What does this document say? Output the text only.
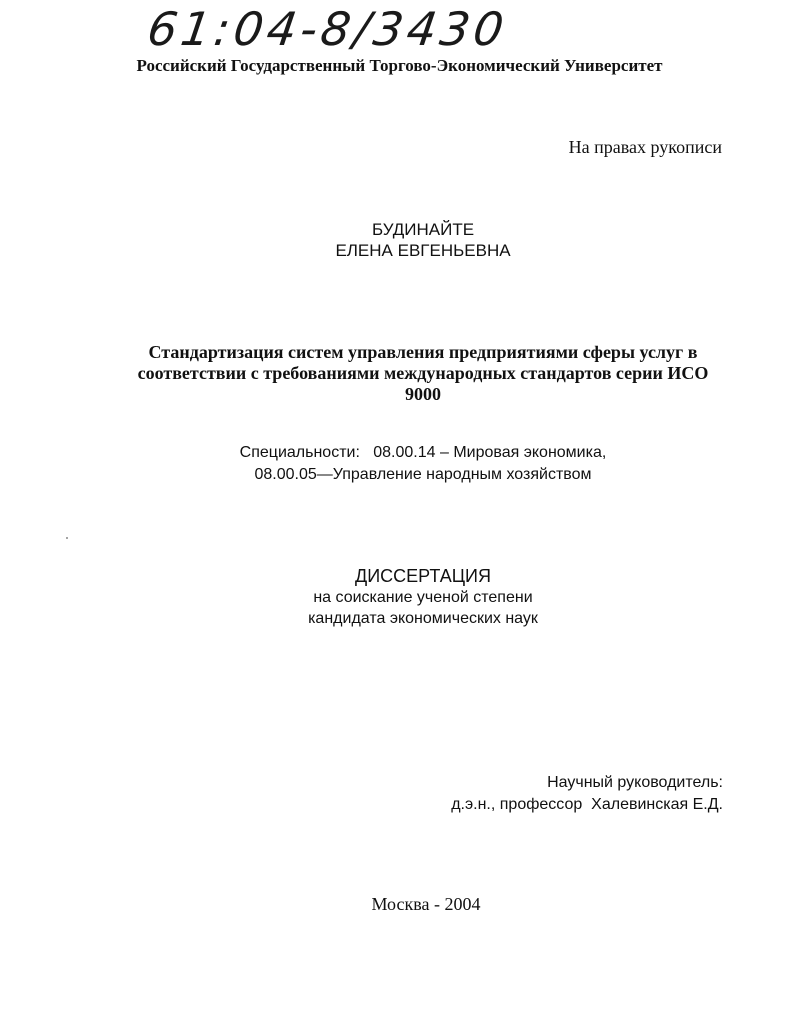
61:04-8/3430
Российский Государственный Торгово-Экономический Университет
На правах рукописи
БУДИНАЙТЕ
ЕЛЕНА ЕВГЕНЬЕВНА
Стандартизация систем управления предприятиями сферы услуг в соответствии с требованиями международных стандартов серии ИСО 9000
Специальности:   08.00.14 – Мировая экономика,
08.00.05—Управление народным хозяйством
ДИССЕРТАЦИЯ
на соискание ученой степени
кандидата экономических наук
Научный руководитель:
д.э.н., профессор  Халевинская Е.Д.
Москва - 2004
